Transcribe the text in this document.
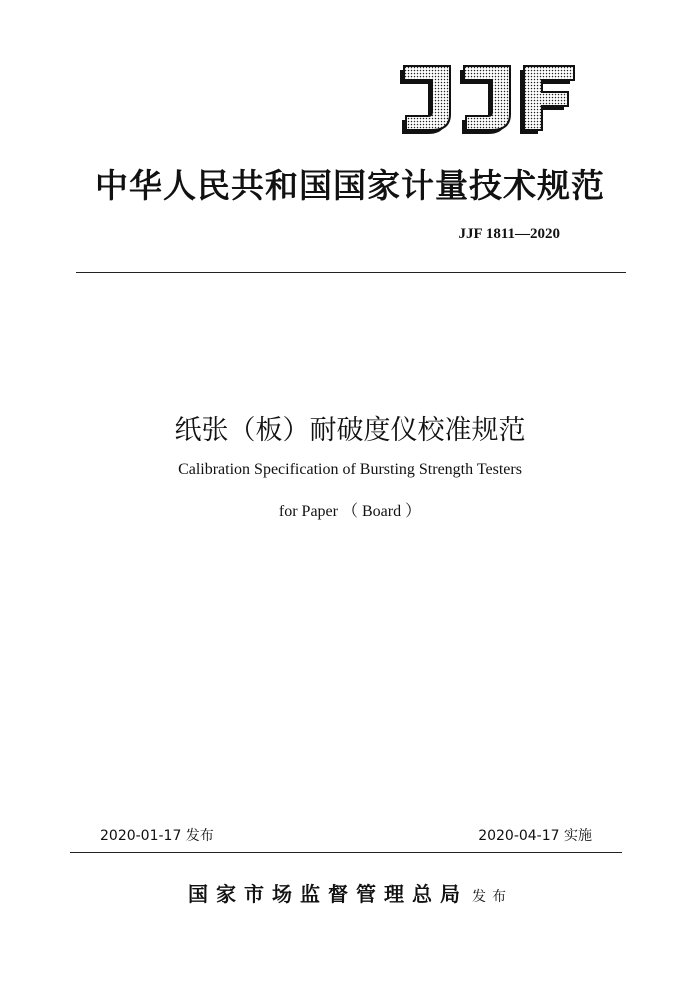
中华人民共和国国家计量技术规范
JJF 1811—2020
纸张（板）耐破度仪校准规范
Calibration Specification of Bursting Strength Testers
for Paper （ Board ）
2020-01-17 发布	2020-04-17 实施
国家市场监督管理总局 发布
